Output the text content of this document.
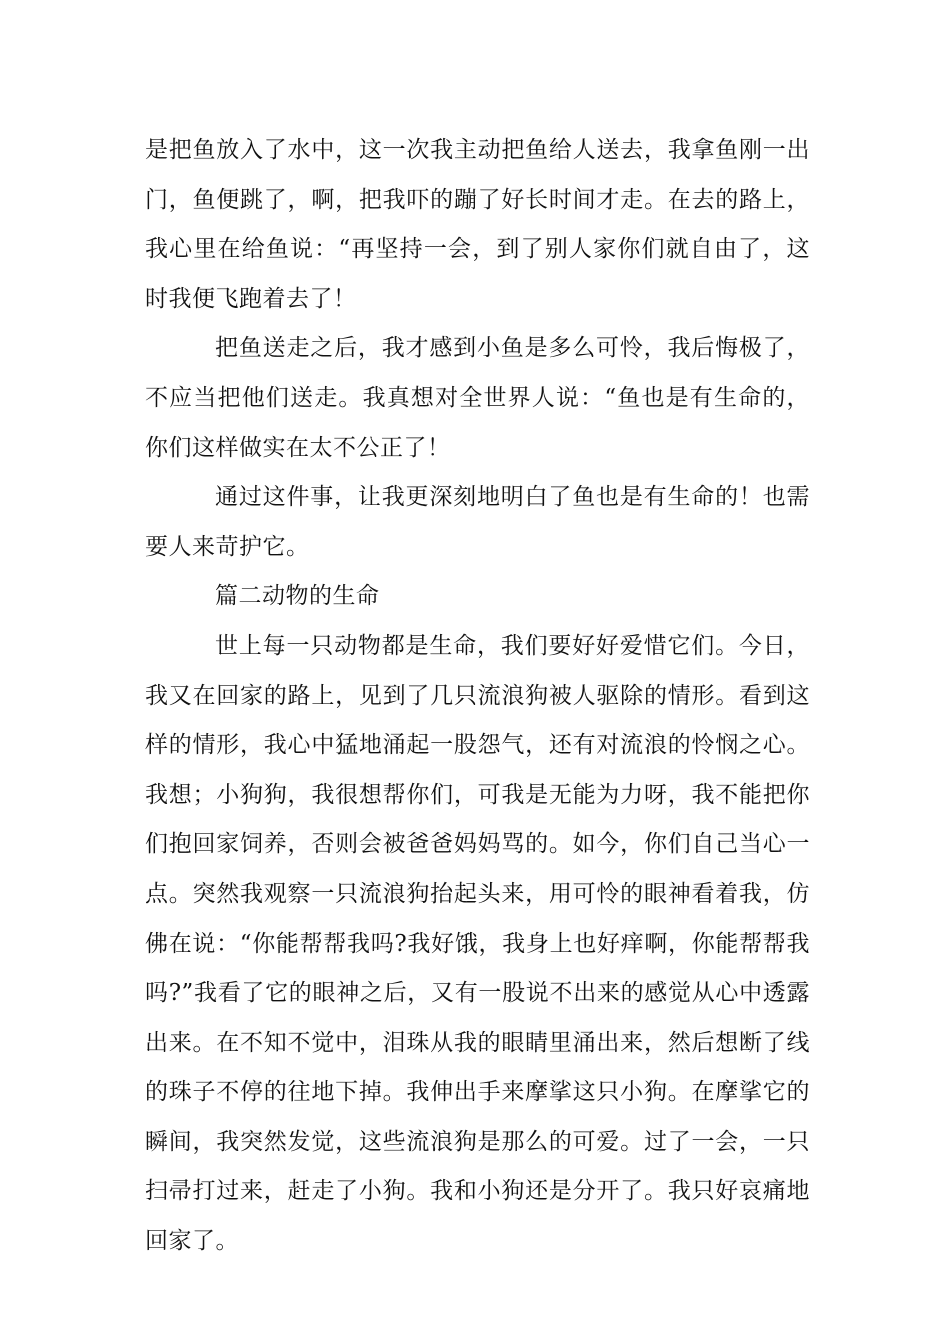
是把鱼放入了水中，这一次我主动把鱼给人送去，我拿鱼刚一出门，鱼便跳了，啊，把我吓的蹦了好长时间才走。在去的路上，我心里在给鱼说：“再坚持一会，到了别人家你们就自由了，这时我便飞跑着去了！

把鱼送走之后，我才感到小鱼是多么可怜，我后悔极了，不应当把他们送走。我真想对全世界人说：“鱼也是有生命的，你们这样做实在太不公正了！

通过这件事，让我更深刻地明白了鱼也是有生命的！也需要人来苛护它。

篇二动物的生命

世上每一只动物都是生命，我们要好好爱惜它们。今日，我又在回家的路上，见到了几只流浪狗被人驱除的情形。看到这样的情形，我心中猛地涌起一股怨气，还有对流浪的怜悯之心。我想；小狗狗，我很想帮你们，可我是无能为力呀，我不能把你们抱回家饲养，否则会被爸爸妈妈骂的。如今，你们自己当心一点。突然我观察一只流浪狗抬起头来，用可怜的眼神看着我，仿佛在说：“你能帮帮我吗?我好饿，我身上也好痒啊，你能帮帮我吗?”我看了它的眼神之后，又有一股说不出来的感觉从心中透露出来。在不知不觉中，泪珠从我的眼睛里涌出来，然后想断了线的珠子不停的往地下掉。我伸出手来摩挲这只小狗。在摩挲它的瞬间，我突然发觉，这些流浪狗是那么的可爱。过了一会，一只扫帚打过来，赶走了小狗。我和小狗还是分开了。我只好哀痛地回家了。
